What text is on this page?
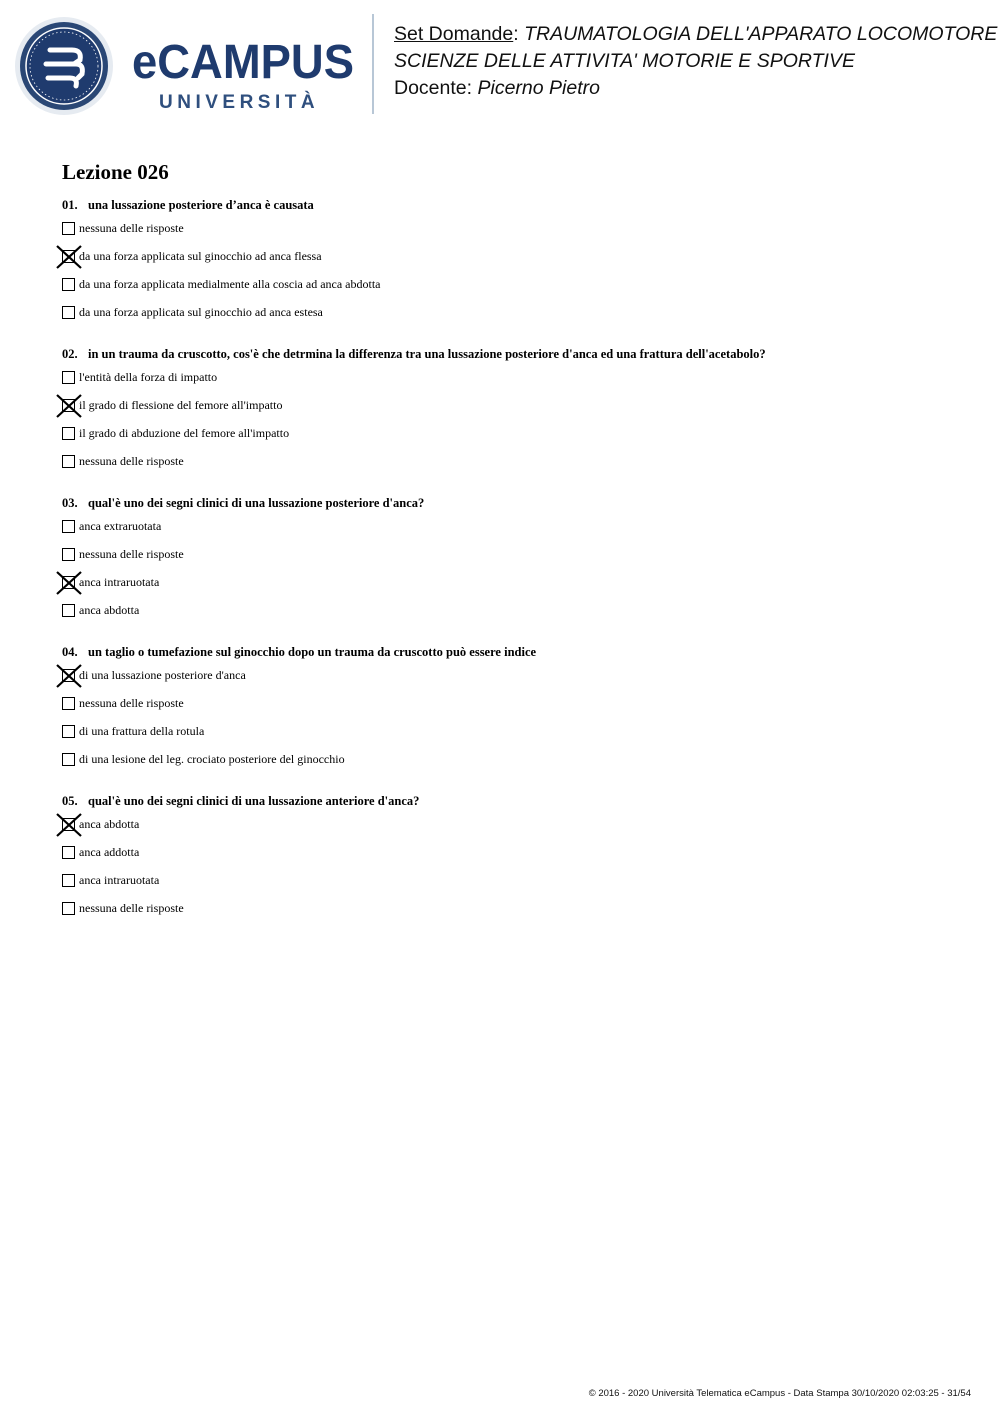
eCAMPUS
UNIVERSITÀ
Set Domande: TRAUMATOLOGIA DELL'APPARATO LOCOMOTORE
SCIENZE DELLE ATTIVITA' MOTORIE E SPORTIVE
Docente: Picerno Pietro
Lezione 026
01. una lussazione posteriore d’anca è causata
nessuna delle risposte
da una forza applicata sul ginocchio ad anca flessa
da una forza applicata medialmente alla coscia ad anca abdotta
da una forza applicata sul ginocchio ad anca estesa
02. in un trauma da cruscotto, cos'è che detrmina la differenza tra una lussazione posteriore d'anca ed una frattura dell'acetabolo?
l'entità della forza di impatto
il grado di flessione del femore all'impatto
il grado di abduzione del femore all'impatto
nessuna delle risposte
03. qual'è uno dei segni clinici di una lussazione posteriore d'anca?
anca extraruotata
nessuna delle risposte
anca intraruotata
anca abdotta
04. un taglio o tumefazione sul ginocchio dopo un trauma da cruscotto può essere indice
di una lussazione posteriore d'anca
nessuna delle risposte
di una frattura della rotula
di una lesione del leg. crociato posteriore del ginocchio
05. qual'è uno dei segni clinici di una lussazione anteriore d'anca?
anca abdotta
anca addotta
anca intraruotata
nessuna delle risposte
© 2016 - 2020 Università Telematica eCampus - Data Stampa 30/10/2020 02:03:25 - 31/54
